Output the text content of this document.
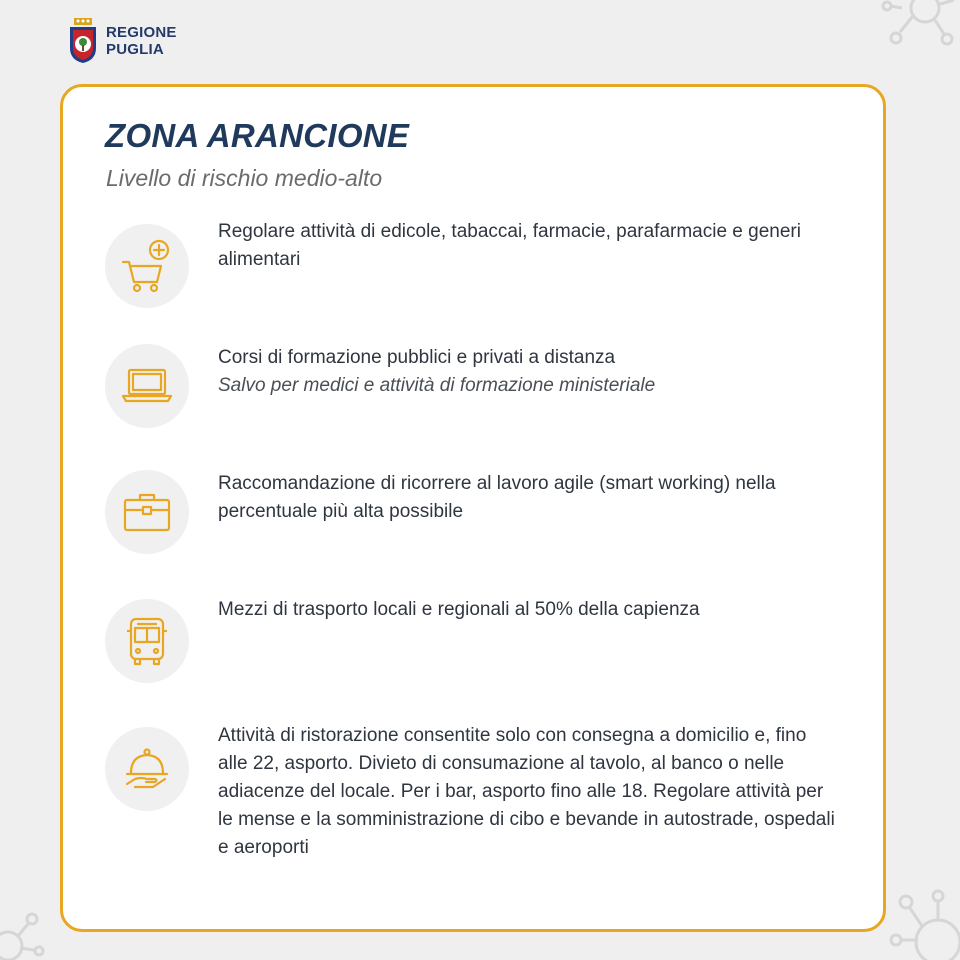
REGIONE
PUGLIA
ZONA ARANCIONE
Livello di rischio medio-alto
Regolare attività di edicole, tabaccai, farmacie, parafarmacie e generi alimentari
Corsi di formazione pubblici e privati a distanza
Salvo per medici e attività di formazione ministeriale
Raccomandazione di ricorrere al lavoro agile (smart working) nella percentuale più alta possibile
Mezzi di trasporto locali e regionali al 50% della capienza
Attività di ristorazione consentite solo con consegna a domicilio e, fino alle 22, asporto. Divieto di consumazione al tavolo, al banco o nelle adiacenze del locale. Per i bar, asporto fino alle 18. Regolare attività per le mense e la somministrazione di cibo e bevande in autostrade, ospedali e aeroporti
